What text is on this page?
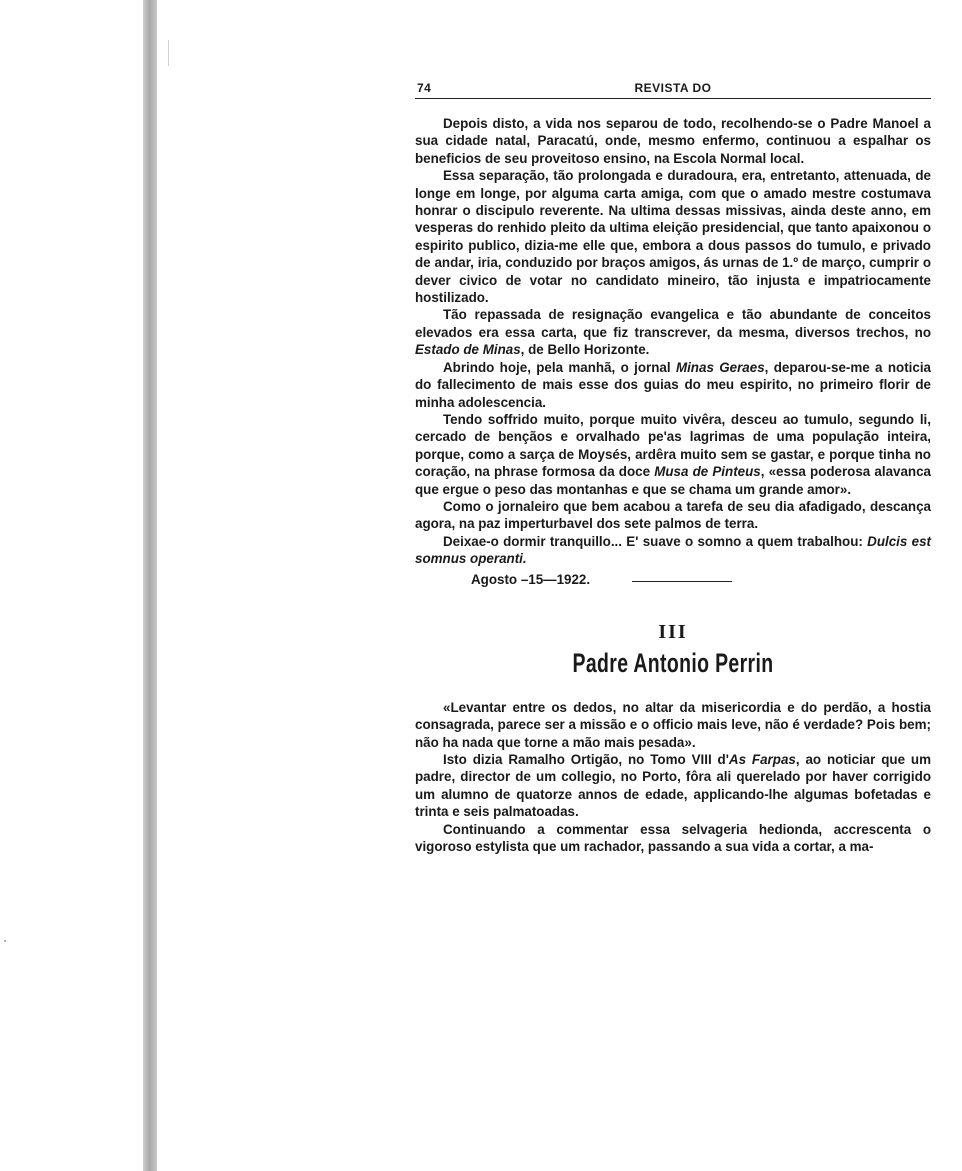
74	REVISTA DO

Depois disto, a vida nos separou de todo, recolhendo-se o Padre Manoel a sua cidade natal, Paracatú, onde, mesmo enfermo, continuou a espalhar os beneficios de seu proveitoso ensino, na Escola Normal local.

Essa separação, tão prolongada e duradoura, era, entretanto, attenuada, de longe em longe, por alguma carta amiga, com que o amado mestre costumava honrar o discipulo reverente. Na ultima dessas missivas, ainda deste anno, em vesperas do renhido pleito da ultima eleição presidencial, que tanto apaixonou o espirito publico, dizia-me elle que, embora a dous passos do tumulo, e privado de andar, iria, conduzido por braços amigos, ás urnas de 1.º de março, cumprir o dever civico de votar no candidato mineiro, tão injusta e impatriocamente hostilizado.

Tão repassada de resignação evangelica e tão abundante de conceitos elevados era essa carta, que fiz transcrever, da mesma, diversos trechos, no Estado de Minas, de Bello Horizonte.

Abrindo hoje, pela manhã, o jornal Minas Geraes, deparou-se-me a noticia do fallecimento de mais esse dos guias do meu espirito, no primeiro florir de minha adolescencia.

Tendo soffrido muito, porque muito vivêra, desceu ao tumulo, segundo li, cercado de bençãos e orvalhado pe'as lagrimas de uma população inteira, porque, como a sarça de Moysés, ardêra muito sem se gastar, e porque tinha no coração, na phrase formosa da doce Musa de Pinteus, «essa poderosa alavanca que ergue o peso das montanhas e que se chama um grande amor».

Como o jornaleiro que bem acabou a tarefa de seu dia afadigado, descança agora, na paz imperturbavel dos sete palmos de terra.

Deixae-o dormir tranquillo... E' suave o somno a quem trabalhou: Dulcis est somnus operanti.

Agosto –15—1922.
III
Padre Antonio Perrin

«Levantar entre os dedos, no altar da misericordia e do perdão, a hostia consagrada, parece ser a missão e o officio mais leve, não é verdade? Pois bem; não ha nada que torne a mão mais pesada».

Isto dizia Ramalho Ortigão, no Tomo VIII d'As Farpas, ao noticiar que um padre, director de um collegio, no Porto, fôra ali querelado por haver corrigido um alumno de quatorze annos de edade, applicando-lhe algumas bofetadas e trinta e seis palmatoadas.

Continuando a commentar essa selvageria hedionda, accrescenta o vigoroso estylista que um rachador, passando a sua vida a cortar, a ma-
